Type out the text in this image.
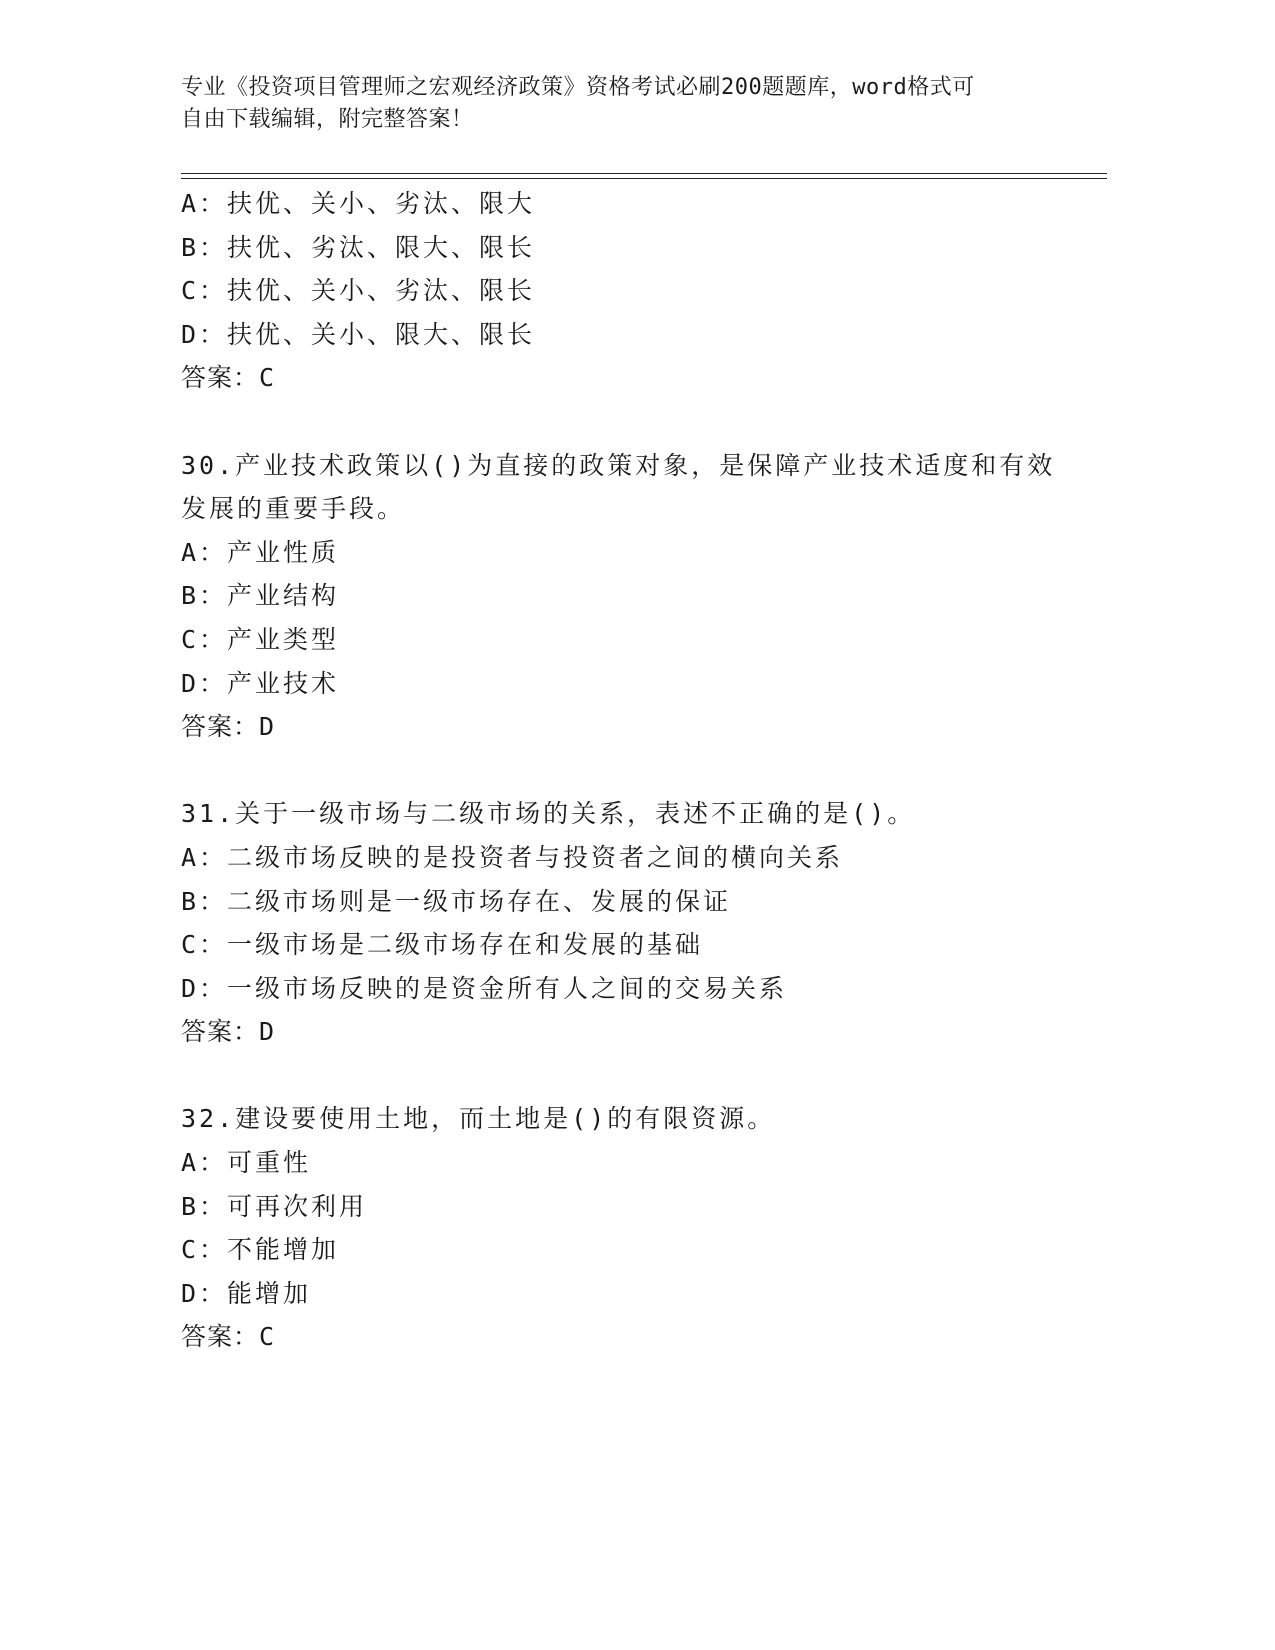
专业《投资项目管理师之宏观经济政策》资格考试必刷200题题库，word格式可

自由下载编辑，附完整答案！

A：扶优、关小、劣汰、限大

B：扶优、劣汰、限大、限长

C：扶优、关小、劣汰、限长

D：扶优、关小、限大、限长

答案：C

30.产业技术政策以()为直接的政策对象，是保障产业技术适度和有效

发展的重要手段。

A：产业性质

B：产业结构

C：产业类型

D：产业技术

答案：D

31.关于一级市场与二级市场的关系，表述不正确的是()。

A：二级市场反映的是投资者与投资者之间的横向关系

B：二级市场则是一级市场存在、发展的保证

C：一级市场是二级市场存在和发展的基础

D：一级市场反映的是资金所有人之间的交易关系

答案：D

32.建设要使用土地，而土地是()的有限资源。

A：可重性

B：可再次利用

C：不能增加

D：能增加

答案：C
